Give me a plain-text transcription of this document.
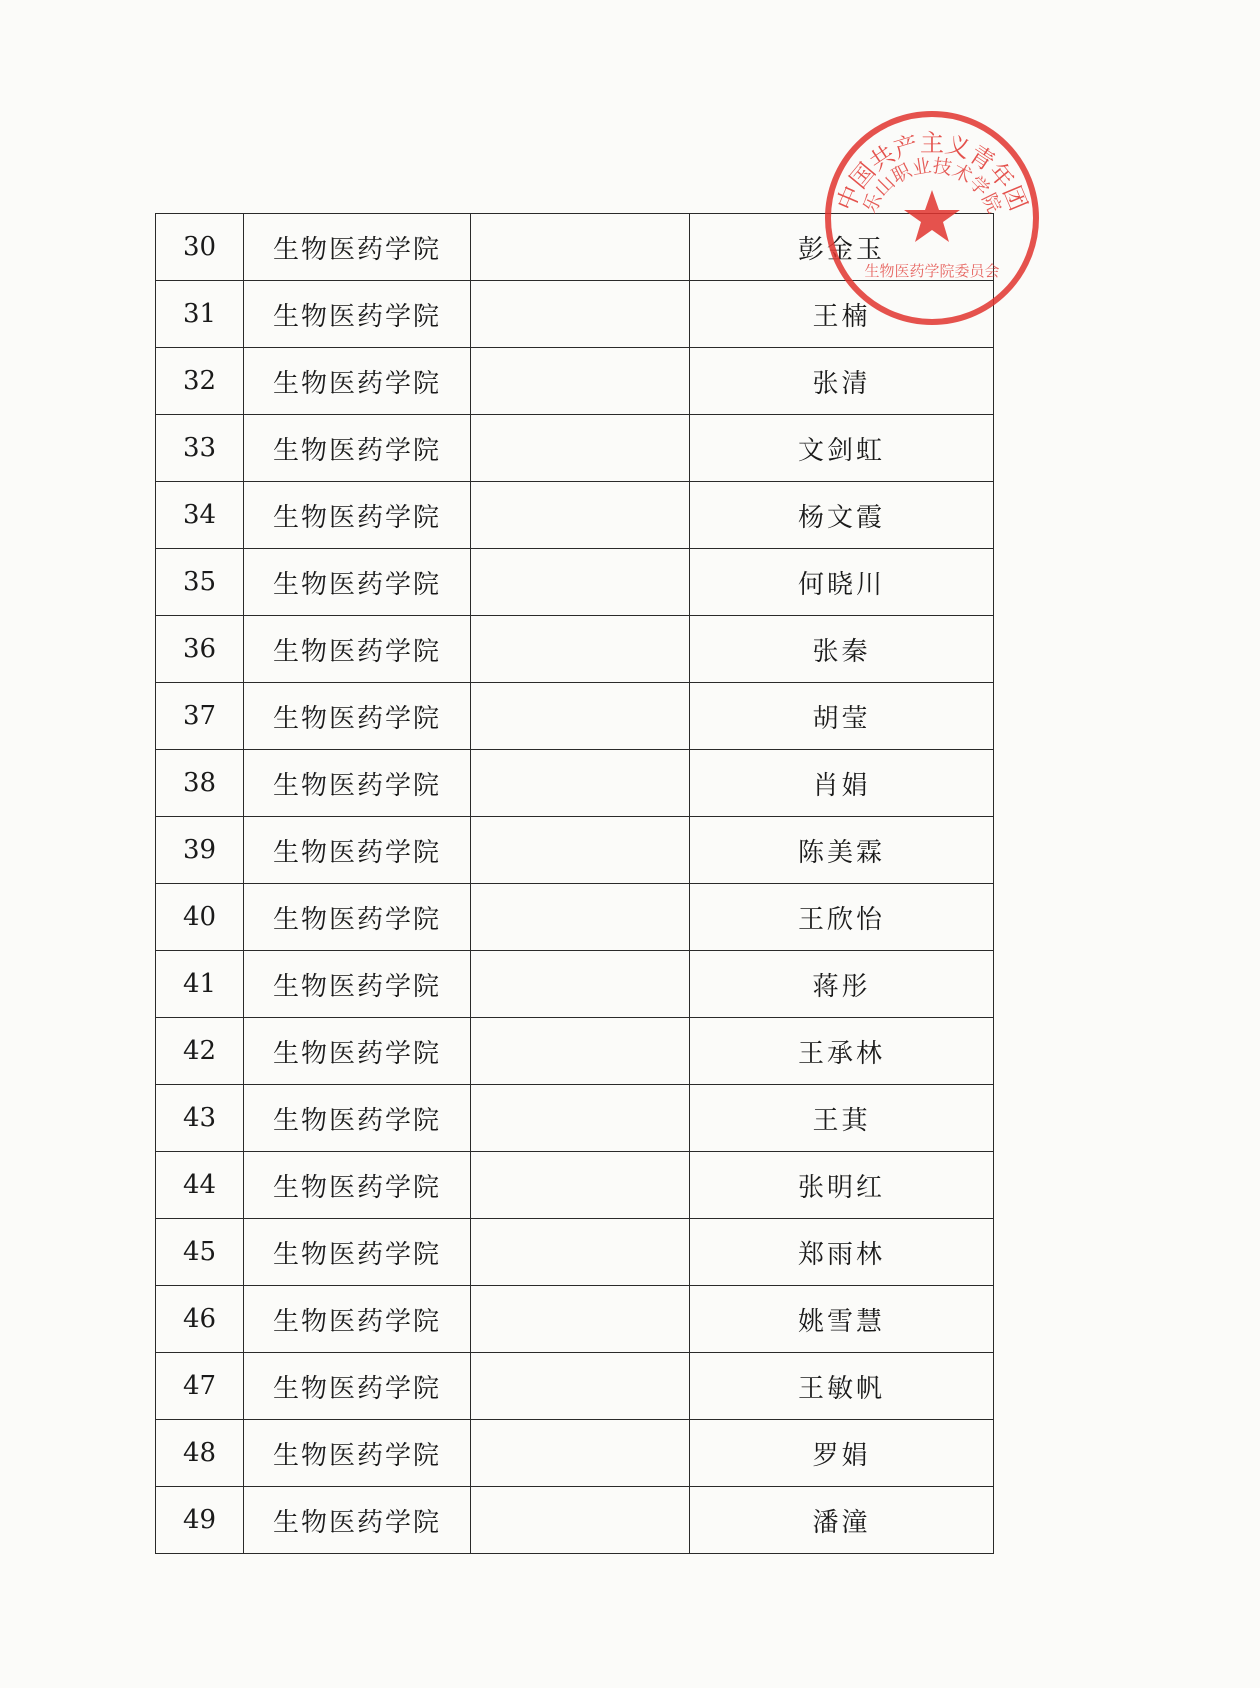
30	生物医药学院		彭金玉
31	生物医药学院		王楠
32	生物医药学院		张清
33	生物医药学院		文剑虹
34	生物医药学院		杨文霞
35	生物医药学院		何晓川
36	生物医药学院		张秦
37	生物医药学院		胡莹
38	生物医药学院		肖娟
39	生物医药学院		陈美霖
40	生物医药学院		王欣怡
41	生物医药学院		蒋彤
42	生物医药学院		王承林
43	生物医药学院		王萁
44	生物医药学院		张明红
45	生物医药学院		郑雨林
46	生物医药学院		姚雪慧
47	生物医药学院		王敏帆
48	生物医药学院		罗娟
49	生物医药学院		潘潼
中国共产主义青年团
乐山职业技术学院
生物医药学院委员会
